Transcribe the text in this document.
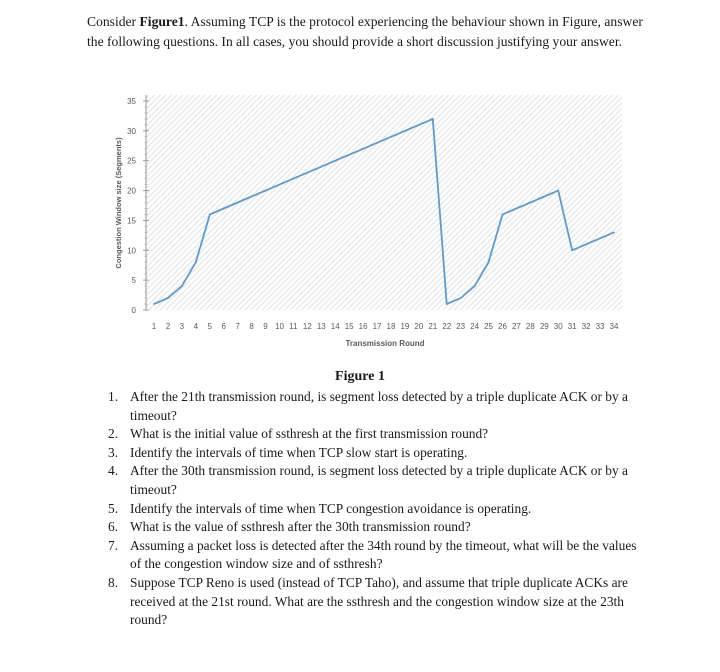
Consider Figure1. Assuming TCP is the protocol experiencing the behaviour shown in Figure, answer the following questions. In all cases, you should provide a short discussion justifying your answer.
0
5
10
15
20
25
30
35
1 2 3 4 5 6 7 8 9 10 11 12 13 14 15 16 17 18 19 20 21 22 23 24 25 26 27 28 29 30 31 32 33 34
Congestion Window size (Segments)
Transmission Round
Figure 1
1. After the 21th transmission round, is segment loss detected by a triple duplicate ACK or by a timeout?
2. What is the initial value of ssthresh at the first transmission round?
3. Identify the intervals of time when TCP slow start is operating.
4. After the 30th transmission round, is segment loss detected by a triple duplicate ACK or by a timeout?
5. Identify the intervals of time when TCP congestion avoidance is operating.
6. What is the value of ssthresh after the 30th transmission round?
7. Assuming a packet loss is detected after the 34th round by the timeout, what will be the values of the congestion window size and of ssthresh?
8. Suppose TCP Reno is used (instead of TCP Taho), and assume that triple duplicate ACKs are received at the 21st round. What are the ssthresh and the congestion window size at the 23th round?
